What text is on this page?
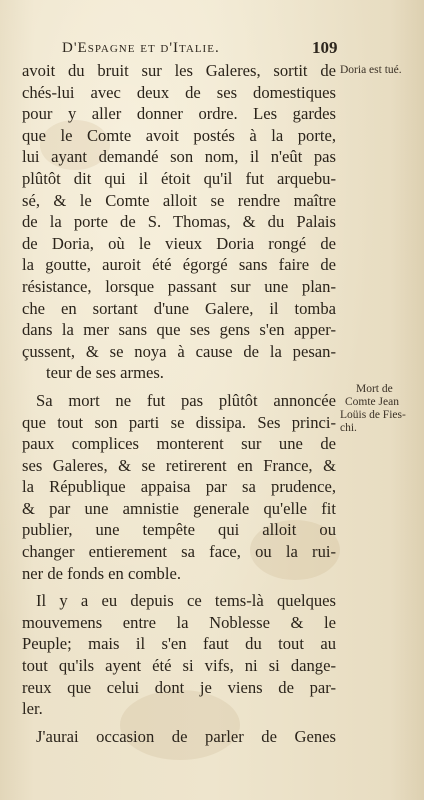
D'Espagne et d'Italie.	109
Doria est tué.
Mort de
Comte Jean
Loüis de Fies-
chi.
avoit du bruit sur les Galeres, sortit de
chés-lui avec deux de ses domestiques
pour y aller donner ordre. Les gardes
que le Comte avoit postés à la porte,
lui ayant demandé son nom, il n'eût pas
plûtôt dit qui il étoit qu'il fut arquebu-
sé, & le Comte alloit se rendre maître
de la porte de S. Thomas, & du Palais
de Doria, où le vieux Doria rongé de
la goutte, auroit été égorgé sans faire de
résistance, lorsque passant sur une plan-
che en sortant d'une Galere, il tomba
dans la mer sans que ses gens s'en apper-
çussent, & se noya à cause de la pesan-
teur de ses armes.
Sa mort ne fut pas plûtôt annoncée
que tout son parti se dissipa. Ses princi-
paux complices monterent sur une de
ses Galeres, & se retirerent en France, &
la République appaisa par sa prudence,
& par une amnistie generale qu'elle fit
publier, une tempête qui alloit ou
changer entierement sa face, ou la rui-
ner de fonds en comble.
Il y a eu depuis ce tems-là quelques
mouvemens entre la Noblesse & le
Peuple; mais il s'en faut du tout au
tout qu'ils ayent été si vifs, ni si dange-
reux que celui dont je viens de par-
ler.
J'aurai occasion de parler de Genes
